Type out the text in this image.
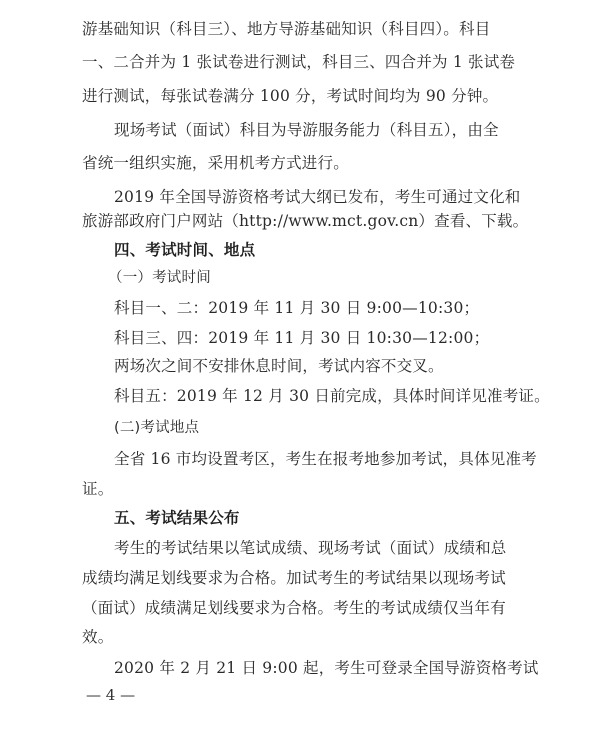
游基础知识（科目三）、地方导游基础知识（科目四）。科目
一、二合并为 1 张试卷进行测试，科目三、四合并为 1 张试卷
进行测试，每张试卷满分 100 分，考试时间均为 90 分钟。
现场考试（面试）科目为导游服务能力（科目五），由全
省统一组织实施，采用机考方式进行。
2019 年全国导游资格考试大纲已发布，考生可通过文化和
旅游部政府门户网站（http://www.mct.gov.cn）查看、下载。
四、考试时间、地点
（一）考试时间
科目一、二：2019 年 11 月 30 日 9:00—10:30；
科目三、四：2019 年 11 月 30 日 10:30—12:00；
两场次之间不安排休息时间，考试内容不交叉。
科目五：2019 年 12 月 30 日前完成，具体时间详见准考证。
(二)考试地点
全省 16 市均设置考区，考生在报考地参加考试，具体见准考
证。
五、考试结果公布
考生的考试结果以笔试成绩、现场考试（面试）成绩和总
成绩均满足划线要求为合格。加试考生的考试结果以现场考试
（面试）成绩满足划线要求为合格。考生的考试成绩仅当年有
效。
2020 年 2 月 21 日 9:00 起，考生可登录全国导游资格考试
— 4 —
